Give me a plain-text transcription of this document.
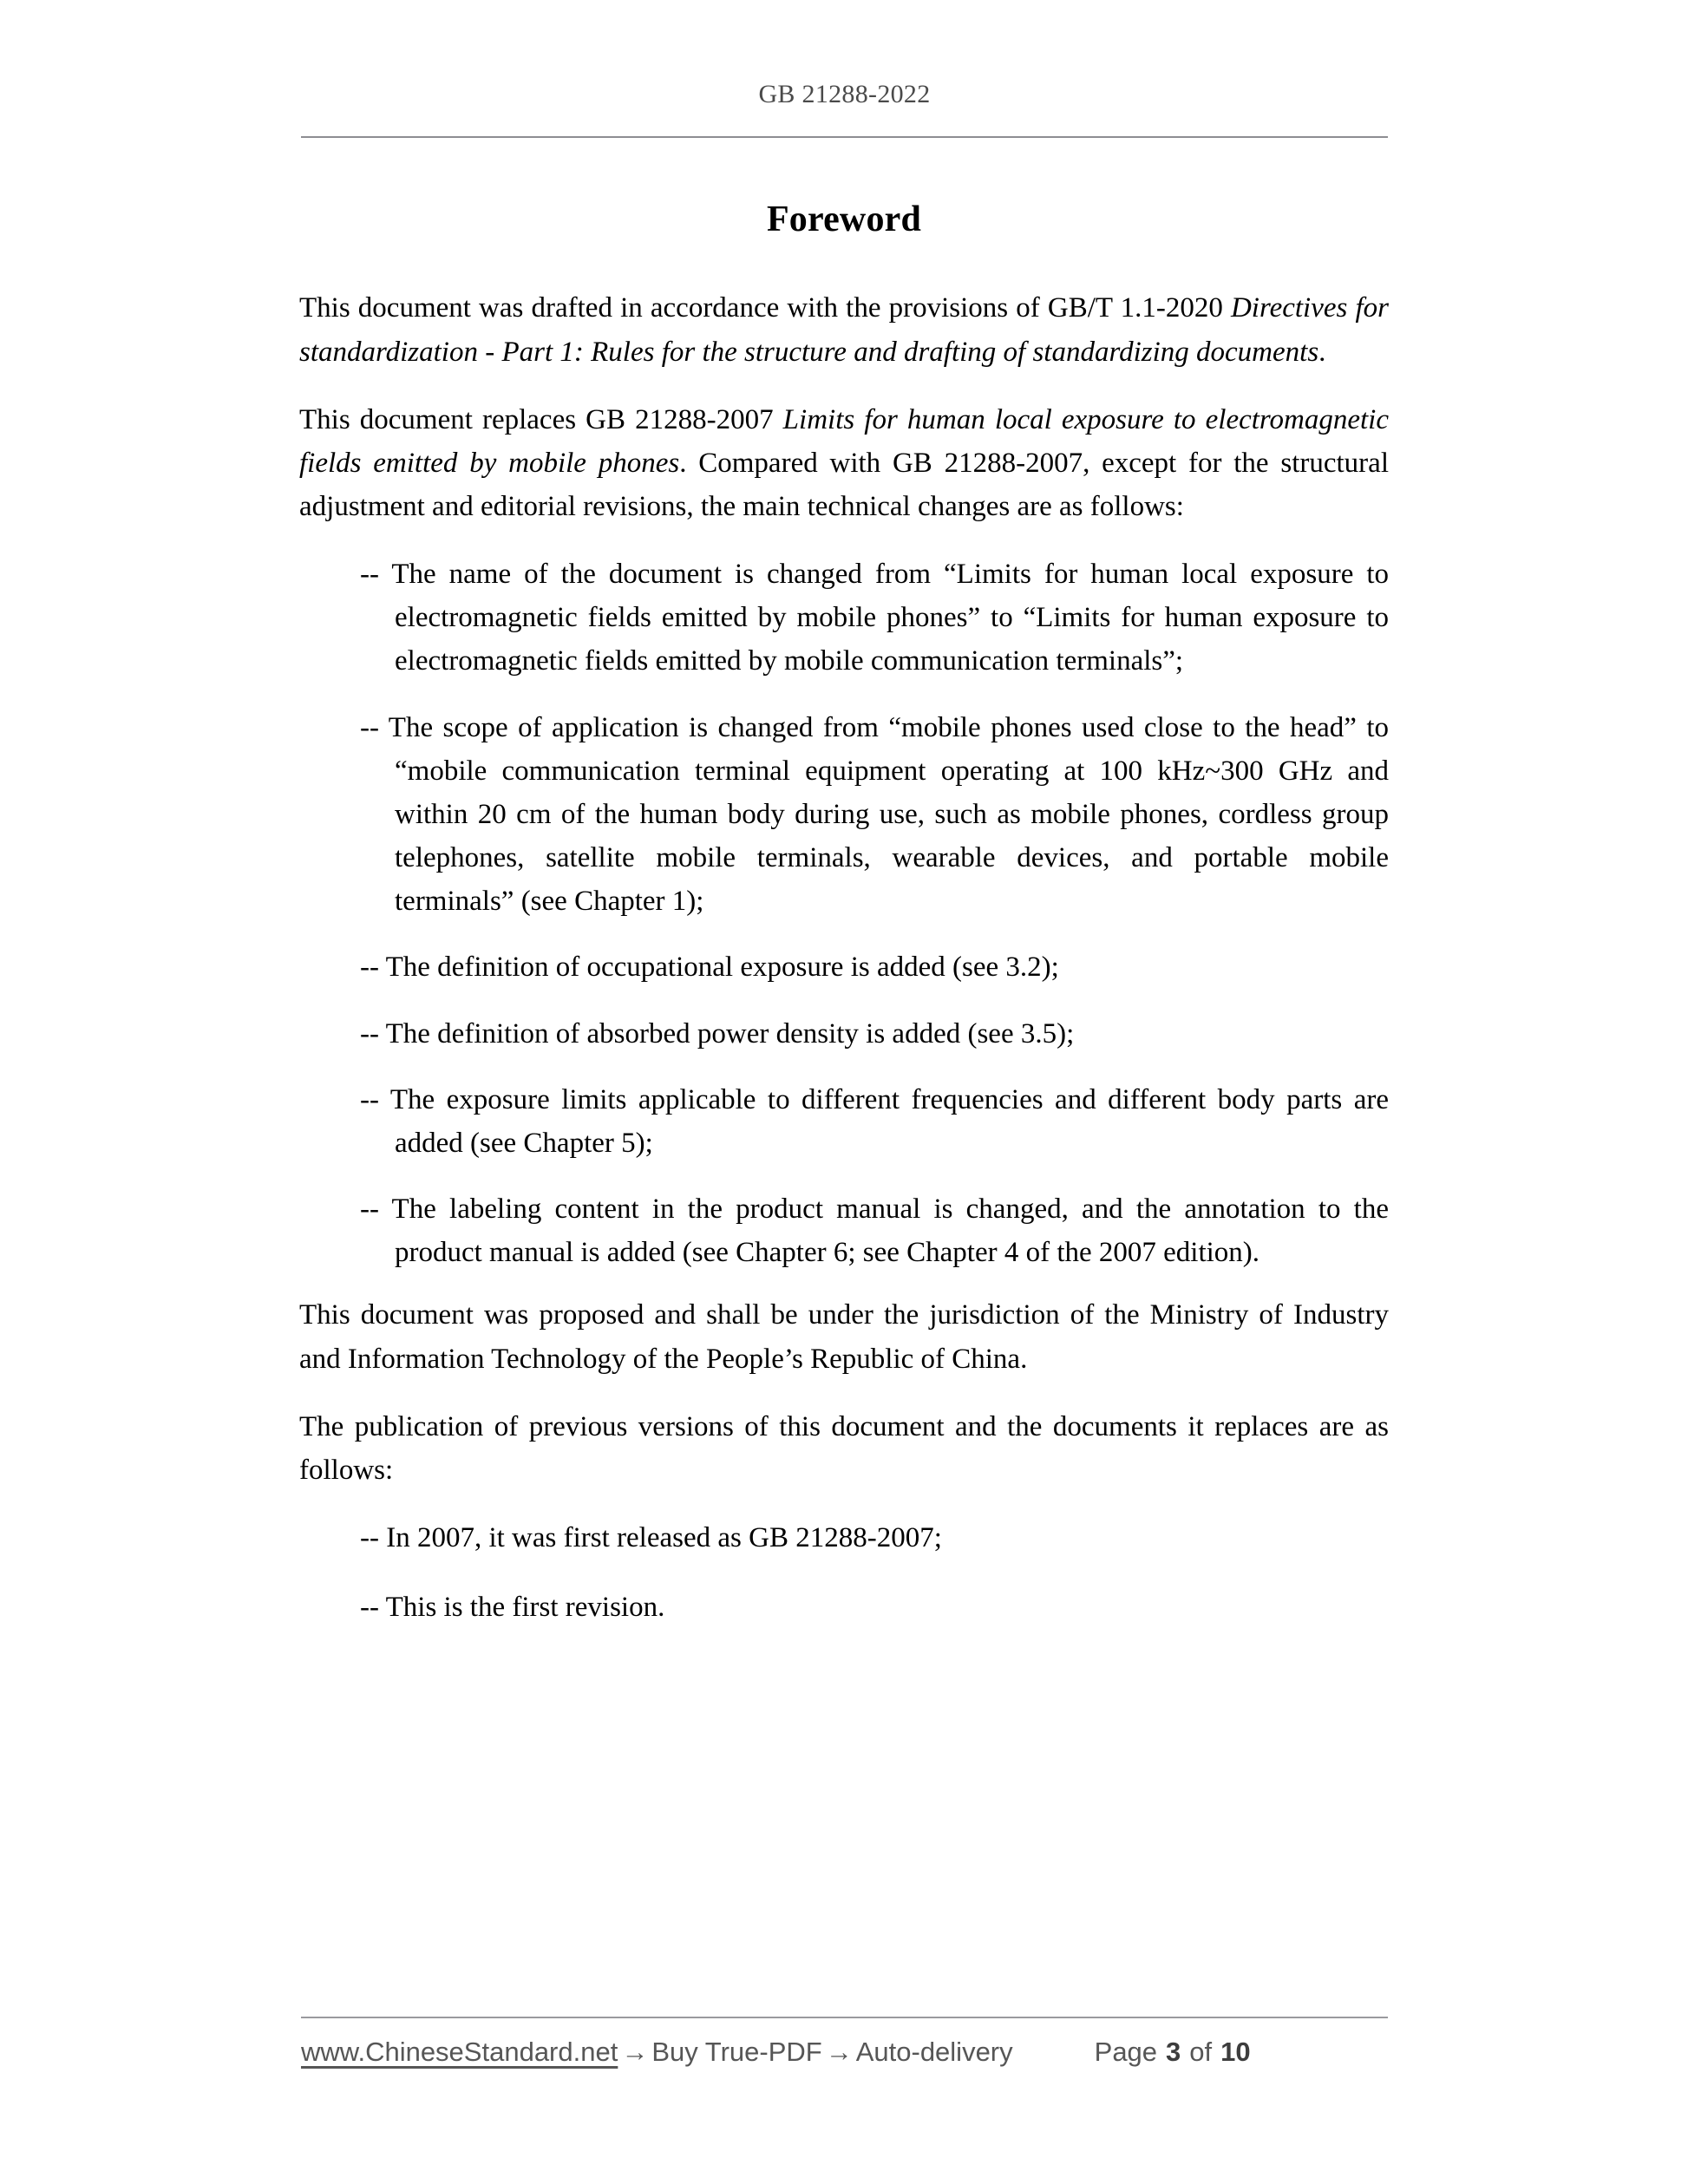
GB 21288-2022
Foreword

This document was drafted in accordance with the provisions of GB/T 1.1-2020 Directives for standardization - Part 1: Rules for the structure and drafting of standardizing documents.

This document replaces GB 21288-2007 Limits for human local exposure to electromagnetic fields emitted by mobile phones. Compared with GB 21288-2007, except for the structural adjustment and editorial revisions, the main technical changes are as follows:

-- The name of the document is changed from “Limits for human local exposure to electromagnetic fields emitted by mobile phones” to “Limits for human exposure to electromagnetic fields emitted by mobile communication terminals”;
-- The scope of application is changed from “mobile phones used close to the head” to “mobile communication terminal equipment operating at 100 kHz~300 GHz and within 20 cm of the human body during use, such as mobile phones, cordless group telephones, satellite mobile terminals, wearable devices, and portable mobile terminals” (see Chapter 1);
-- The definition of occupational exposure is added (see 3.2);
-- The definition of absorbed power density is added (see 3.5);
-- The exposure limits applicable to different frequencies and different body parts are added (see Chapter 5);
-- The labeling content in the product manual is changed, and the annotation to the product manual is added (see Chapter 6; see Chapter 4 of the 2007 edition).

This document was proposed and shall be under the jurisdiction of the Ministry of Industry and Information Technology of the People’s Republic of China.

The publication of previous versions of this document and the documents it replaces are as follows:

-- In 2007, it was first released as GB 21288-2007;
-- This is the first revision.
www.ChineseStandard.net → Buy True-PDF → Auto-delivery	Page 3 of 10
